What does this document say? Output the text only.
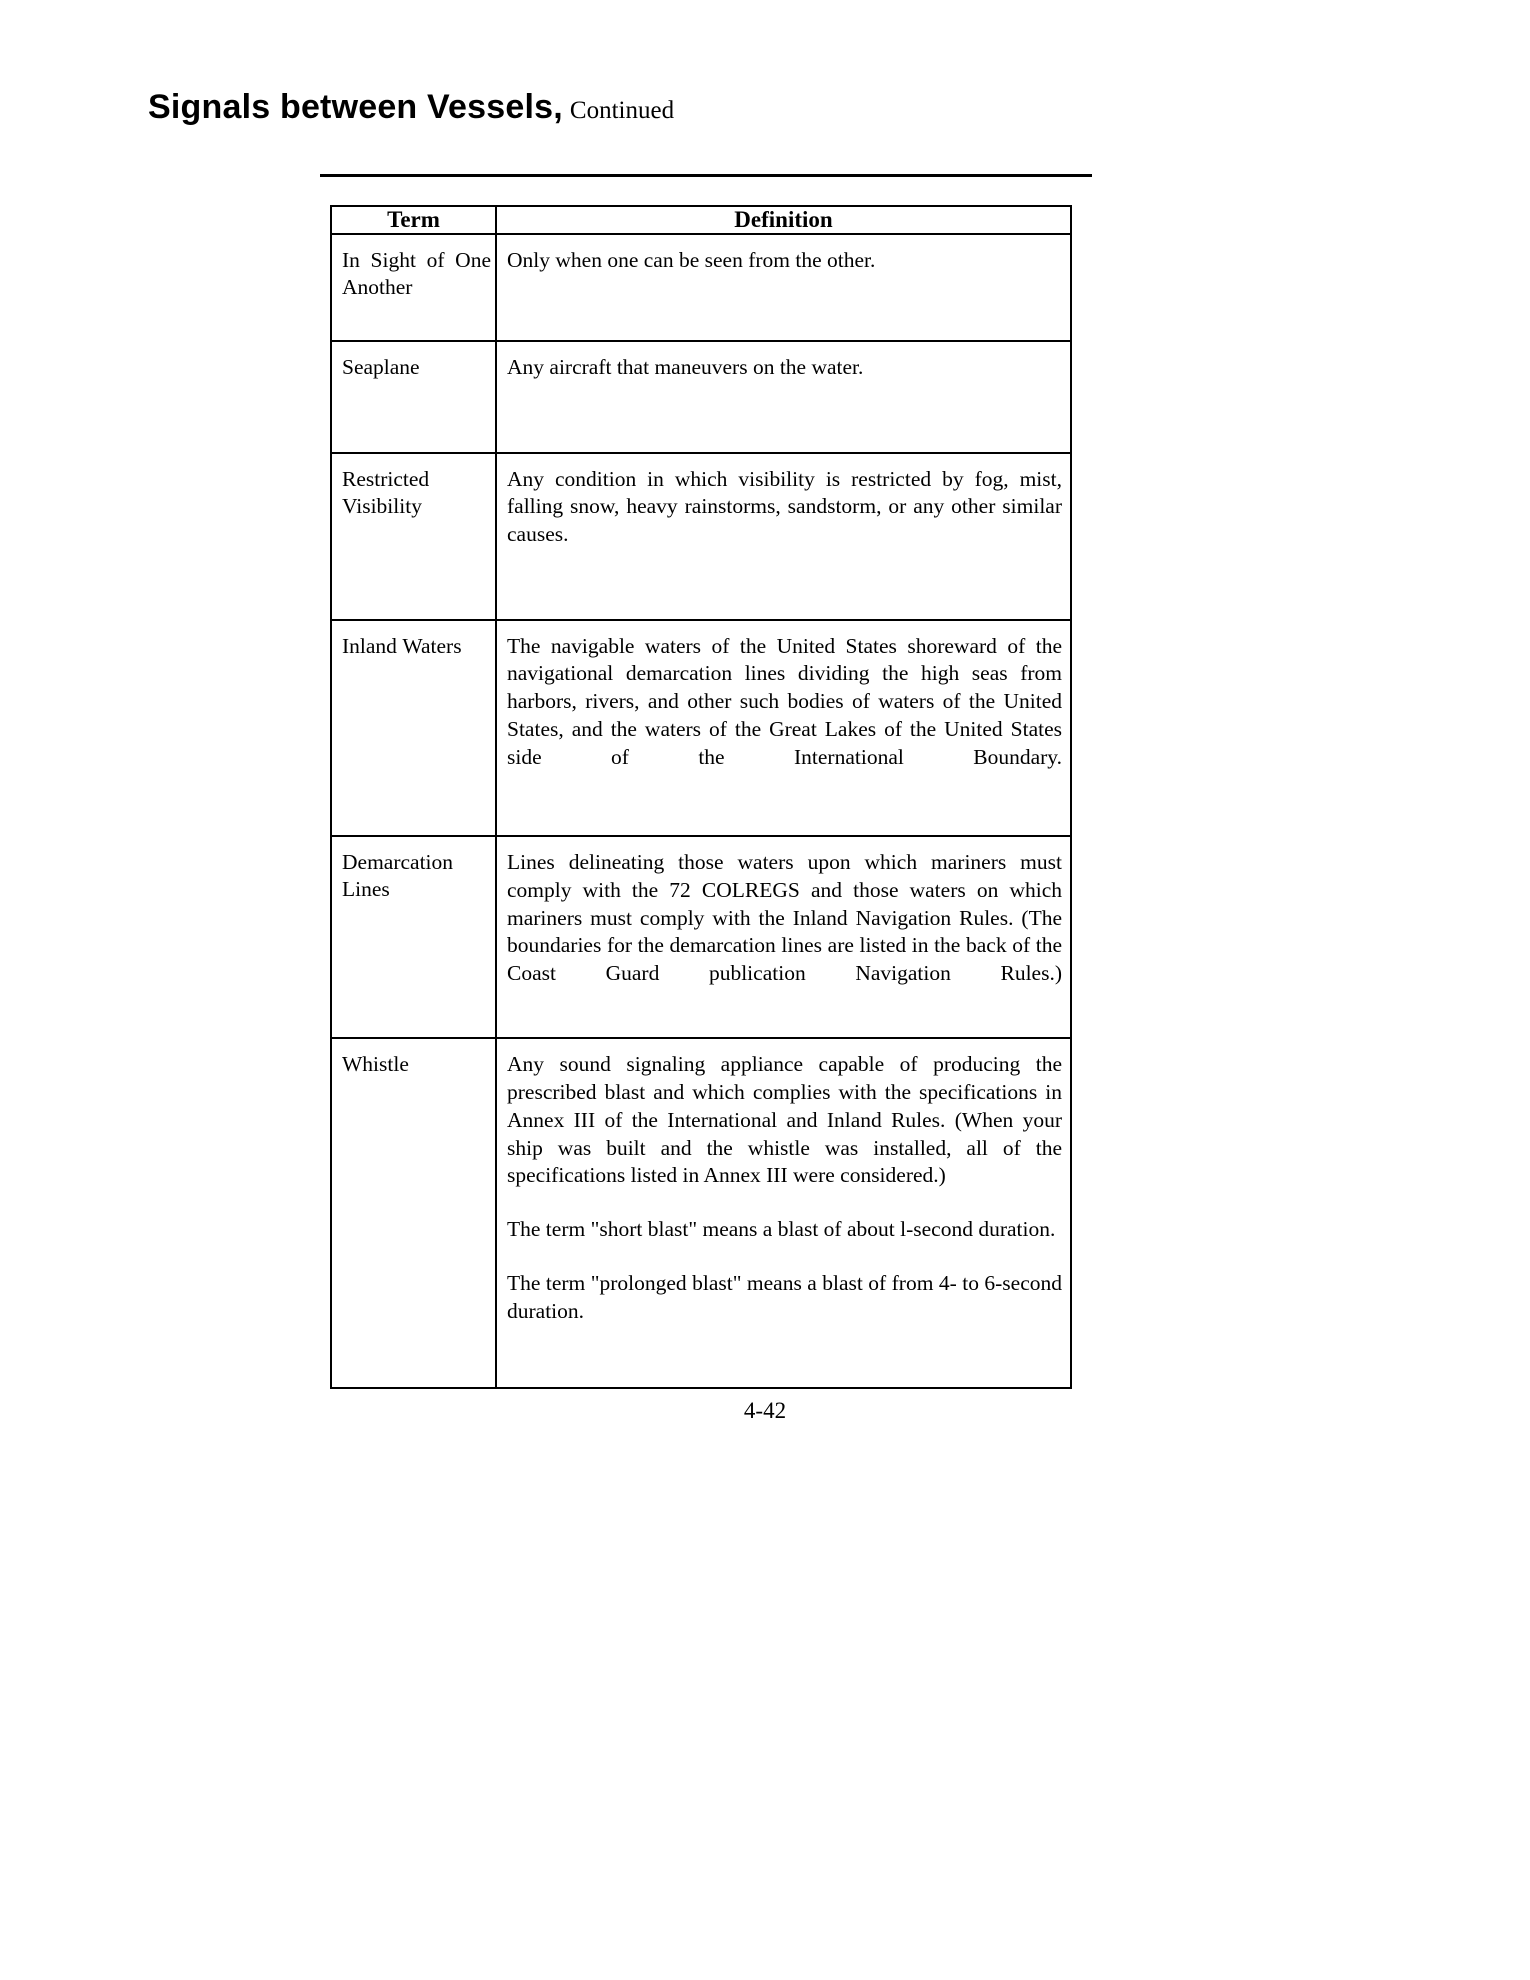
Signals between Vessels, Continued
Term	Definition

In Sight of One Another	Only when one can be seen from the other.

Seaplane	Any aircraft that maneuvers on the water.

Restricted Visibility	Any condition in which visibility is restricted by fog, mist, falling snow, heavy rainstorms, sandstorm, or any other similar causes.

Inland Waters	The navigable waters of the United States shoreward of the navigational demarcation lines dividing the high seas from harbors, rivers, and other such bodies of waters of the United States, and the waters of the Great Lakes of the United States side of the International Boundary.

Demarcation Lines	Lines delineating those waters upon which mariners must comply with the 72 COLREGS and those waters on which mariners must comply with the Inland Navigation Rules. (The boundaries for the demarcation lines are listed in the back of the Coast Guard publication Navigation Rules.)

Whistle	Any sound signaling appliance capable of producing the prescribed blast and which complies with the specifications in Annex III of the International and Inland Rules. (When your ship was built and the whistle was installed, all of the specifications listed in Annex III were considered.)

The term "short blast" means a blast of about l-second duration.

The term "prolonged blast" means a blast of from 4- to 6-second duration.

4-42
